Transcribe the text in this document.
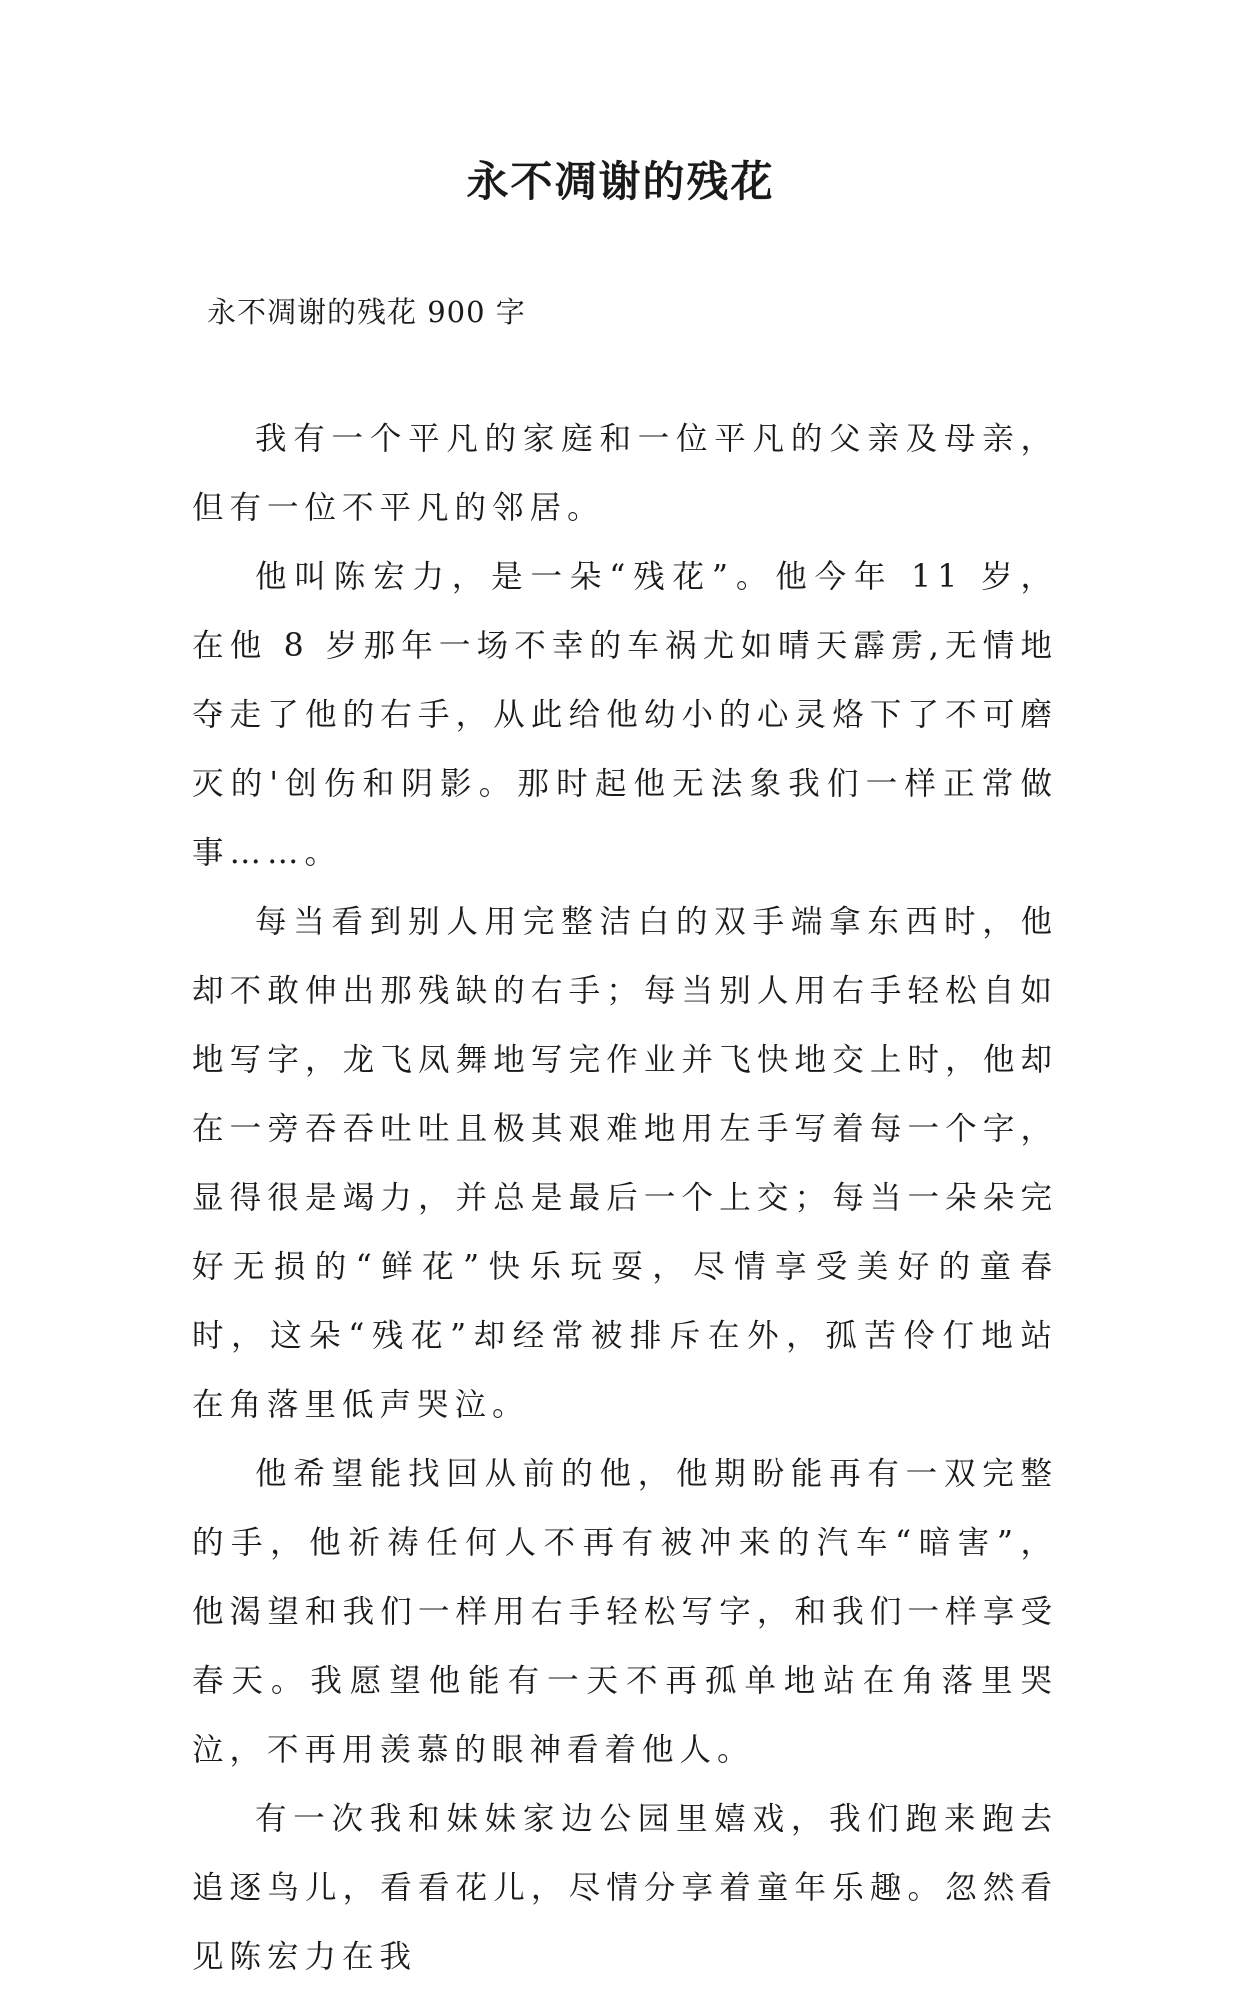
永不凋谢的残花

永不凋谢的残花 900 字

我有一个平凡的家庭和一位平凡的父亲及母亲，但有一位不平凡的邻居。

他叫陈宏力，是一朵“残花”。他今年 11 岁，在他 8 岁那年一场不幸的车祸尤如晴天霹雳,无情地夺走了他的右手，从此给他幼小的心灵烙下了不可磨灭的'创伤和阴影。那时起他无法象我们一样正常做事……。

每当看到别人用完整洁白的双手端拿东西时，他却不敢伸出那残缺的右手；每当别人用右手轻松自如地写字，龙飞凤舞地写完作业并飞快地交上时，他却在一旁吞吞吐吐且极其艰难地用左手写着每一个字，显得很是竭力，并总是最后一个上交；每当一朵朵完好无损的“鲜花”快乐玩耍，尽情享受美好的童春时，这朵“残花”却经常被排斥在外，孤苦伶仃地站在角落里低声哭泣。

他希望能找回从前的他，他期盼能再有一双完整的手，他祈祷任何人不再有被冲来的汽车“暗害”，他渴望和我们一样用右手轻松写字，和我们一样享受春天。我愿望他能有一天不再孤单地站在角落里哭泣，不再用羡慕的眼神看着他人。

有一次我和妹妹家边公园里嬉戏，我们跑来跑去追逐鸟儿，看看花儿，尽情分享着童年乐趣。忽然看见陈宏力在我
